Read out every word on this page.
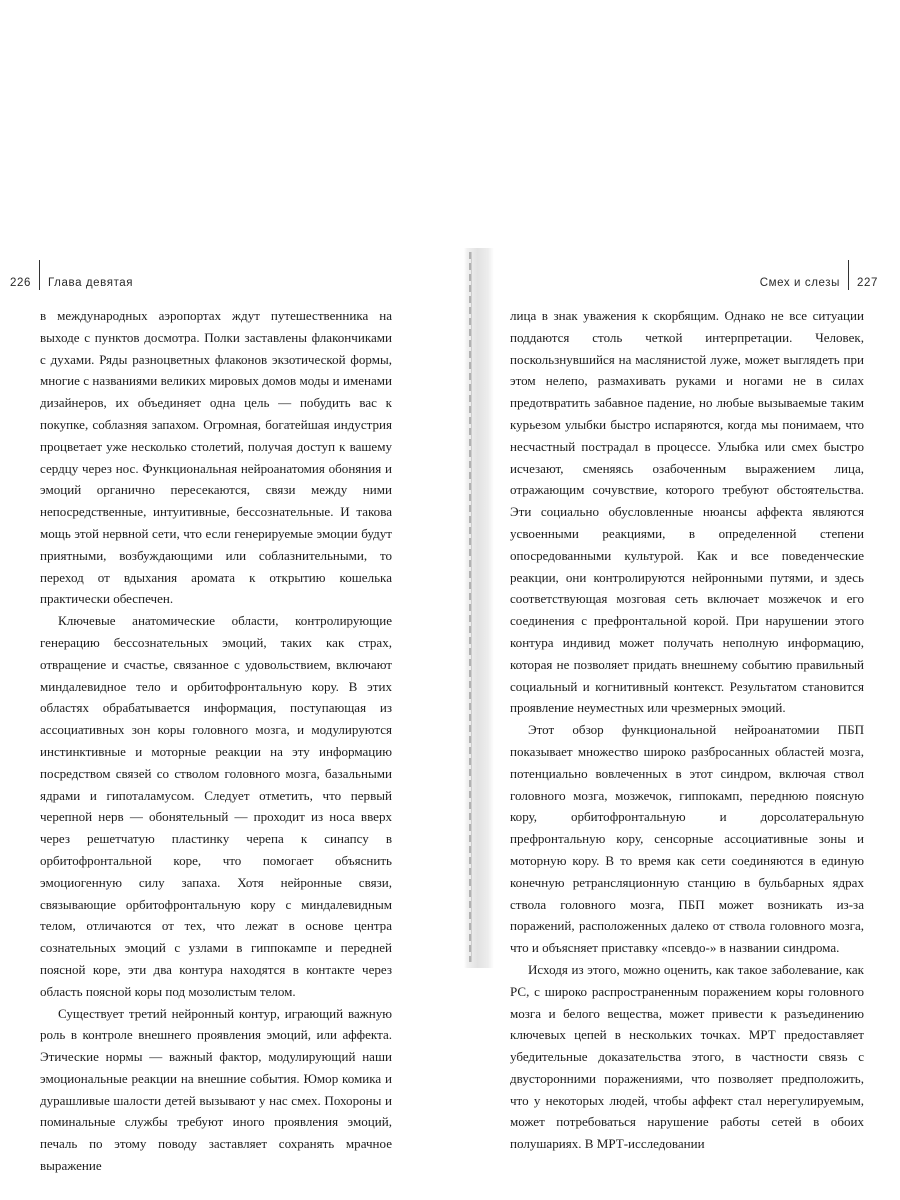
226 Глава девятая

в международных аэропортах ждут путешественника на выходе с пунктов досмотра. Полки заставлены флакончиками с духами. Ряды разноцветных флаконов экзотической формы, многие с названиями великих мировых домов моды и именами дизайнеров, их объединяет одна цель — побудить вас к покупке, соблазняя запахом. Огромная, богатейшая индустрия процветает уже несколько столетий, получая доступ к вашему сердцу через нос. Функциональная нейроанатомия обоняния и эмоций органично пересекаются, связи между ними непосредственные, интуитивные, бессознательные. И такова мощь этой нервной сети, что если генерируемые эмоции будут приятными, возбуждающими или соблазнительными, то переход от вдыхания аромата к открытию кошелька практически обеспечен.

Ключевые анатомические области, контролирующие генерацию бессознательных эмоций, таких как страх, отвращение и счастье, связанное с удовольствием, включают миндалевидное тело и орбитофронтальную кору. В этих областях обрабатывается информация, поступающая из ассоциативных зон коры головного мозга, и модулируются инстинктивные и моторные реакции на эту информацию посредством связей со стволом головного мозга, базальными ядрами и гипоталамусом. Следует отметить, что первый черепной нерв — обонятельный — проходит из носа вверх через решетчатую пластинку черепа к синапсу в орбитофронтальной коре, что помогает объяснить эмоциогенную силу запаха. Хотя нейронные связи, связывающие орбитофронтальную кору с миндалевидным телом, отличаются от тех, что лежат в основе центра сознательных эмоций с узлами в гиппокампе и передней поясной коре, эти два контура находятся в контакте через область поясной коры под мозолистым телом.

Существует третий нейронный контур, играющий важную роль в контроле внешнего проявления эмоций, или аффекта. Этические нормы — важный фактор, модулирующий наши эмоциональные реакции на внешние события. Юмор комика и дурашливые шалости детей вызывают у нас смех. Похороны и поминальные службы требуют иного проявления эмоций, печаль по этому поводу заставляет сохранять мрачное выражение

Смех и слезы 227

лица в знак уважения к скорбящим. Однако не все ситуации поддаются столь четкой интерпретации. Человек, поскользнувшийся на маслянистой луже, может выглядеть при этом нелепо, размахивать руками и ногами не в силах предотвратить забавное падение, но любые вызываемые таким курьезом улыбки быстро испаряются, когда мы понимаем, что несчастный пострадал в процессе. Улыбка или смех быстро исчезают, сменяясь озабоченным выражением лица, отражающим сочувствие, которого требуют обстоятельства. Эти социально обусловленные нюансы аффекта являются усвоенными реакциями, в определенной степени опосредованными культурой. Как и все поведенческие реакции, они контролируются нейронными путями, и здесь соответствующая мозговая сеть включает мозжечок и его соединения с префронтальной корой. При нарушении этого контура индивид может получать неполную информацию, которая не позволяет придать внешнему событию правильный социальный и когнитивный контекст. Результатом становится проявление неуместных или чрезмерных эмоций.

Этот обзор функциональной нейроанатомии ПБП показывает множество широко разбросанных областей мозга, потенциально вовлеченных в этот синдром, включая ствол головного мозга, мозжечок, гиппокамп, переднюю поясную кору, орбитофронтальную и дорсолатеральную префронтальную кору, сенсорные ассоциативные зоны и моторную кору. В то время как сети соединяются в единую конечную ретрансляционную станцию в бульбарных ядрах ствола головного мозга, ПБП может возникать из-за поражений, расположенных далеко от ствола головного мозга, что и объясняет приставку «псевдо-» в названии синдрома.

Исходя из этого, можно оценить, как такое заболевание, как РС, с широко распространенным поражением коры головного мозга и белого вещества, может привести к разъединению ключевых цепей в нескольких точках. МРТ предоставляет убедительные доказательства этого, в частности связь с двусторонними поражениями, что позволяет предположить, что у некоторых людей, чтобы аффект стал нерегулируемым, может потребоваться нарушение работы сетей в обоих полушариях. В МРТ-исследовании
